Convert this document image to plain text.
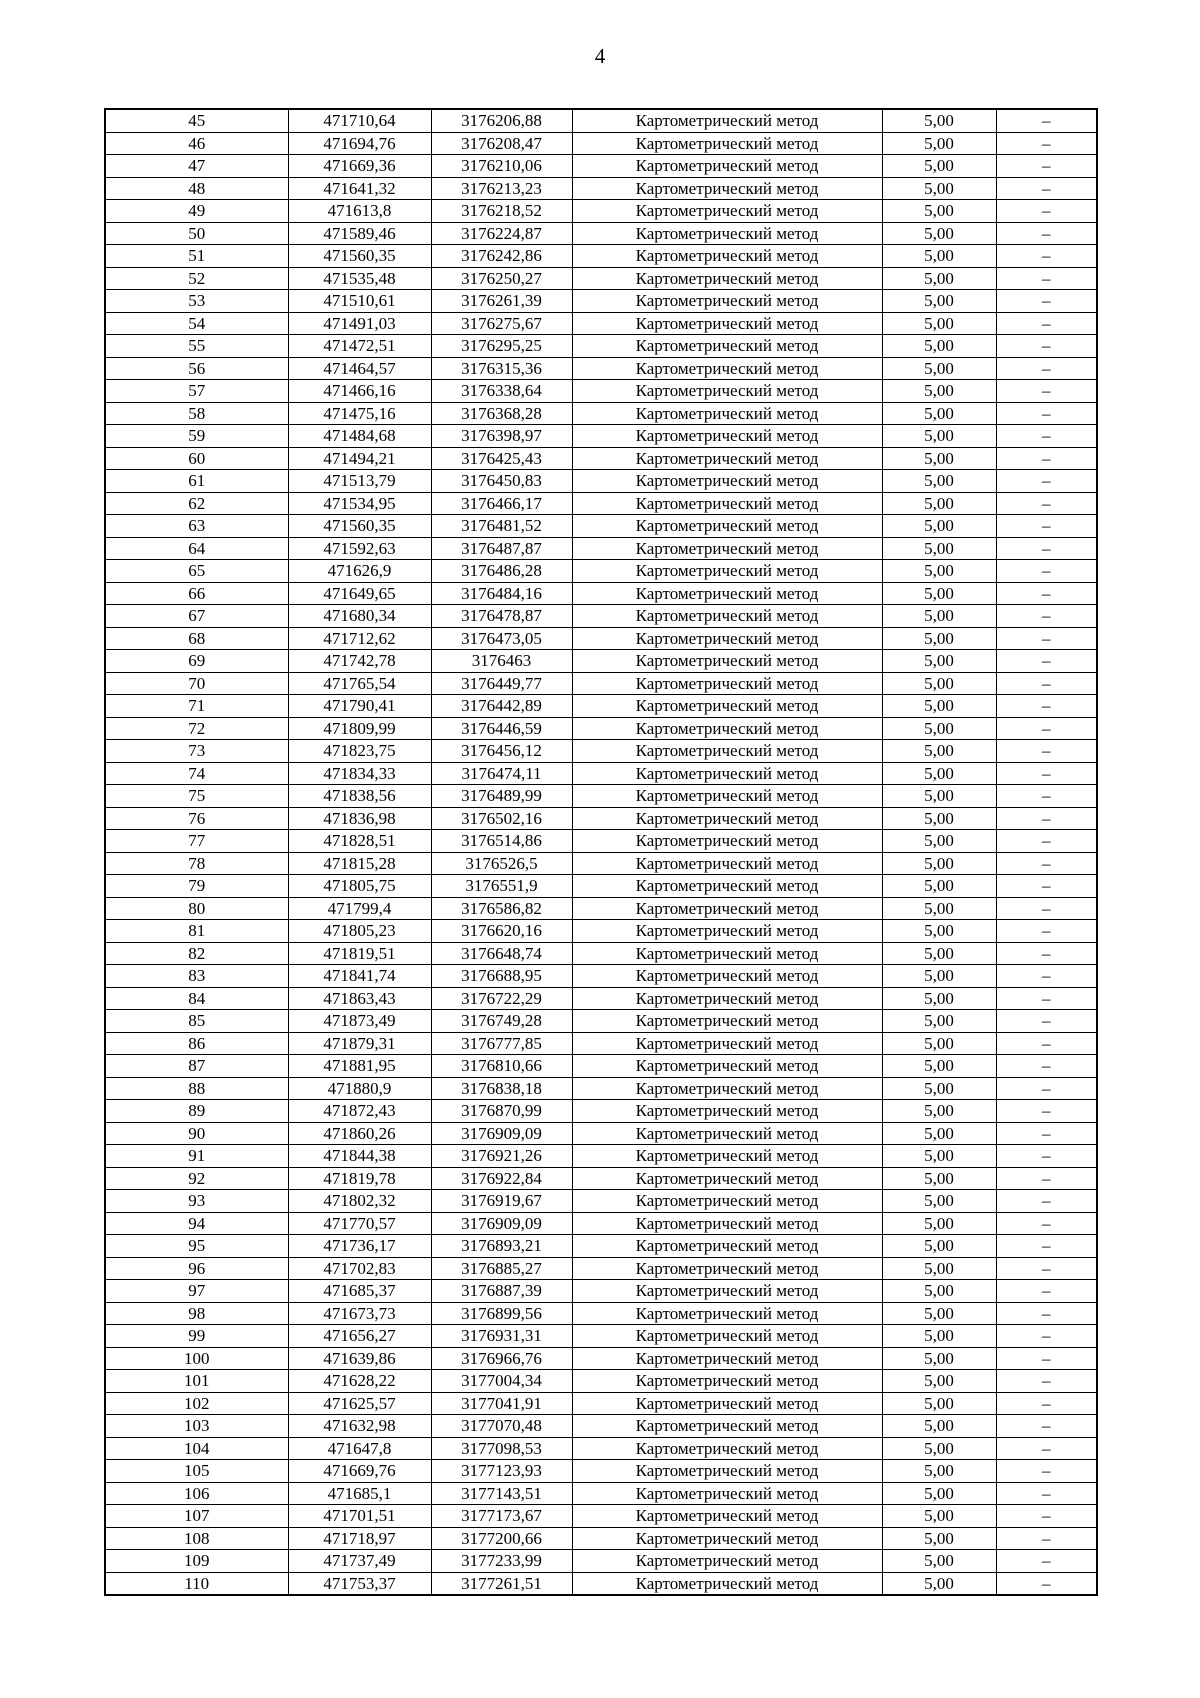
4
45	471710,64	3176206,88	Картометрический метод	5,00	–
46	471694,76	3176208,47	Картометрический метод	5,00	–
47	471669,36	3176210,06	Картометрический метод	5,00	–
48	471641,32	3176213,23	Картометрический метод	5,00	–
49	471613,8	3176218,52	Картометрический метод	5,00	–
50	471589,46	3176224,87	Картометрический метод	5,00	–
51	471560,35	3176242,86	Картометрический метод	5,00	–
52	471535,48	3176250,27	Картометрический метод	5,00	–
53	471510,61	3176261,39	Картометрический метод	5,00	–
54	471491,03	3176275,67	Картометрический метод	5,00	–
55	471472,51	3176295,25	Картометрический метод	5,00	–
56	471464,57	3176315,36	Картометрический метод	5,00	–
57	471466,16	3176338,64	Картометрический метод	5,00	–
58	471475,16	3176368,28	Картометрический метод	5,00	–
59	471484,68	3176398,97	Картометрический метод	5,00	–
60	471494,21	3176425,43	Картометрический метод	5,00	–
61	471513,79	3176450,83	Картометрический метод	5,00	–
62	471534,95	3176466,17	Картометрический метод	5,00	–
63	471560,35	3176481,52	Картометрический метод	5,00	–
64	471592,63	3176487,87	Картометрический метод	5,00	–
65	471626,9	3176486,28	Картометрический метод	5,00	–
66	471649,65	3176484,16	Картометрический метод	5,00	–
67	471680,34	3176478,87	Картометрический метод	5,00	–
68	471712,62	3176473,05	Картометрический метод	5,00	–
69	471742,78	3176463	Картометрический метод	5,00	–
70	471765,54	3176449,77	Картометрический метод	5,00	–
71	471790,41	3176442,89	Картометрический метод	5,00	–
72	471809,99	3176446,59	Картометрический метод	5,00	–
73	471823,75	3176456,12	Картометрический метод	5,00	–
74	471834,33	3176474,11	Картометрический метод	5,00	–
75	471838,56	3176489,99	Картометрический метод	5,00	–
76	471836,98	3176502,16	Картометрический метод	5,00	–
77	471828,51	3176514,86	Картометрический метод	5,00	–
78	471815,28	3176526,5	Картометрический метод	5,00	–
79	471805,75	3176551,9	Картометрический метод	5,00	–
80	471799,4	3176586,82	Картометрический метод	5,00	–
81	471805,23	3176620,16	Картометрический метод	5,00	–
82	471819,51	3176648,74	Картометрический метод	5,00	–
83	471841,74	3176688,95	Картометрический метод	5,00	–
84	471863,43	3176722,29	Картометрический метод	5,00	–
85	471873,49	3176749,28	Картометрический метод	5,00	–
86	471879,31	3176777,85	Картометрический метод	5,00	–
87	471881,95	3176810,66	Картометрический метод	5,00	–
88	471880,9	3176838,18	Картометрический метод	5,00	–
89	471872,43	3176870,99	Картометрический метод	5,00	–
90	471860,26	3176909,09	Картометрический метод	5,00	–
91	471844,38	3176921,26	Картометрический метод	5,00	–
92	471819,78	3176922,84	Картометрический метод	5,00	–
93	471802,32	3176919,67	Картометрический метод	5,00	–
94	471770,57	3176909,09	Картометрический метод	5,00	–
95	471736,17	3176893,21	Картометрический метод	5,00	–
96	471702,83	3176885,27	Картометрический метод	5,00	–
97	471685,37	3176887,39	Картометрический метод	5,00	–
98	471673,73	3176899,56	Картометрический метод	5,00	–
99	471656,27	3176931,31	Картометрический метод	5,00	–
100	471639,86	3176966,76	Картометрический метод	5,00	–
101	471628,22	3177004,34	Картометрический метод	5,00	–
102	471625,57	3177041,91	Картометрический метод	5,00	–
103	471632,98	3177070,48	Картометрический метод	5,00	–
104	471647,8	3177098,53	Картометрический метод	5,00	–
105	471669,76	3177123,93	Картометрический метод	5,00	–
106	471685,1	3177143,51	Картометрический метод	5,00	–
107	471701,51	3177173,67	Картометрический метод	5,00	–
108	471718,97	3177200,66	Картометрический метод	5,00	–
109	471737,49	3177233,99	Картометрический метод	5,00	–
110	471753,37	3177261,51	Картометрический метод	5,00	–
